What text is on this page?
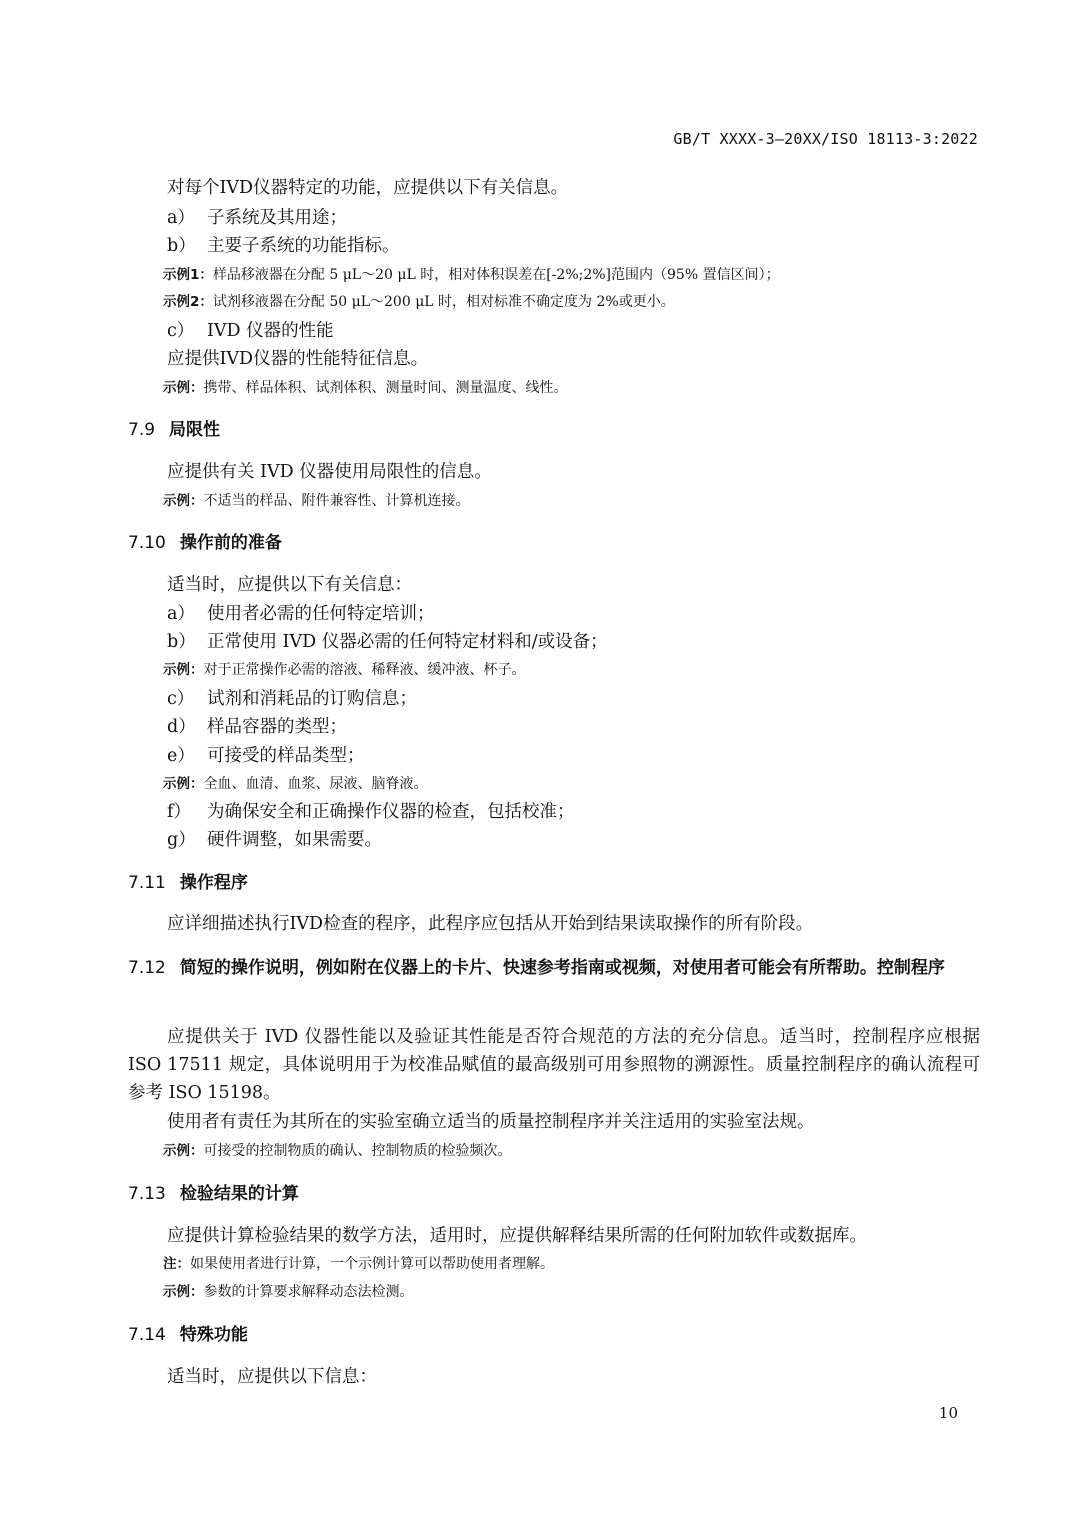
GB/T XXXX-3—20XX/ISO 18113-3:2022
对每个IVD仪器特定的功能，应提供以下有关信息。
a） 子系统及其用途；
b） 主要子系统的功能指标。
示例1：样品移液器在分配 5 μL～20 μL 时，相对体积误差在[-2%;2%]范围内（95% 置信区间）；
示例2：试剂移液器在分配 50 μL～200 μL 时，相对标准不确定度为 2%或更小。
c） IVD 仪器的性能
应提供IVD仪器的性能特征信息。
示例：携带、样品体积、试剂体积、测量时间、测量温度、线性。
7.9 局限性
应提供有关 IVD 仪器使用局限性的信息。
示例：不适当的样品、附件兼容性、计算机连接。
7.10 操作前的准备
适当时，应提供以下有关信息：
a） 使用者必需的任何特定培训；
b） 正常使用 IVD 仪器必需的任何特定材料和/或设备；
示例：对于正常操作必需的溶液、稀释液、缓冲液、杯子。
c） 试剂和消耗品的订购信息；
d） 样品容器的类型；
e） 可接受的样品类型；
示例：全血、血清、血浆、尿液、脑脊液。
f） 为确保安全和正确操作仪器的检查，包括校准；
g） 硬件调整，如果需要。
7.11 操作程序
应详细描述执行IVD检查的程序，此程序应包括从开始到结果读取操作的所有阶段。
7.12 简短的操作说明，例如附在仪器上的卡片、快速参考指南或视频，对使用者可能会有所帮助。控制程序
应提供关于 IVD 仪器性能以及验证其性能是否符合规范的方法的充分信息。适当时，控制程序应根据 ISO 17511 规定，具体说明用于为校准品赋值的最高级别可用参照物的溯源性。质量控制程序的确认流程可参考 ISO 15198。
使用者有责任为其所在的实验室确立适当的质量控制程序并关注适用的实验室法规。
示例：可接受的控制物质的确认、控制物质的检验频次。
7.13 检验结果的计算
应提供计算检验结果的数学方法，适用时，应提供解释结果所需的任何附加软件或数据库。
注：如果使用者进行计算，一个示例计算可以帮助使用者理解。
示例：参数的计算要求解释动态法检测。
7.14 特殊功能
适当时，应提供以下信息：
10
